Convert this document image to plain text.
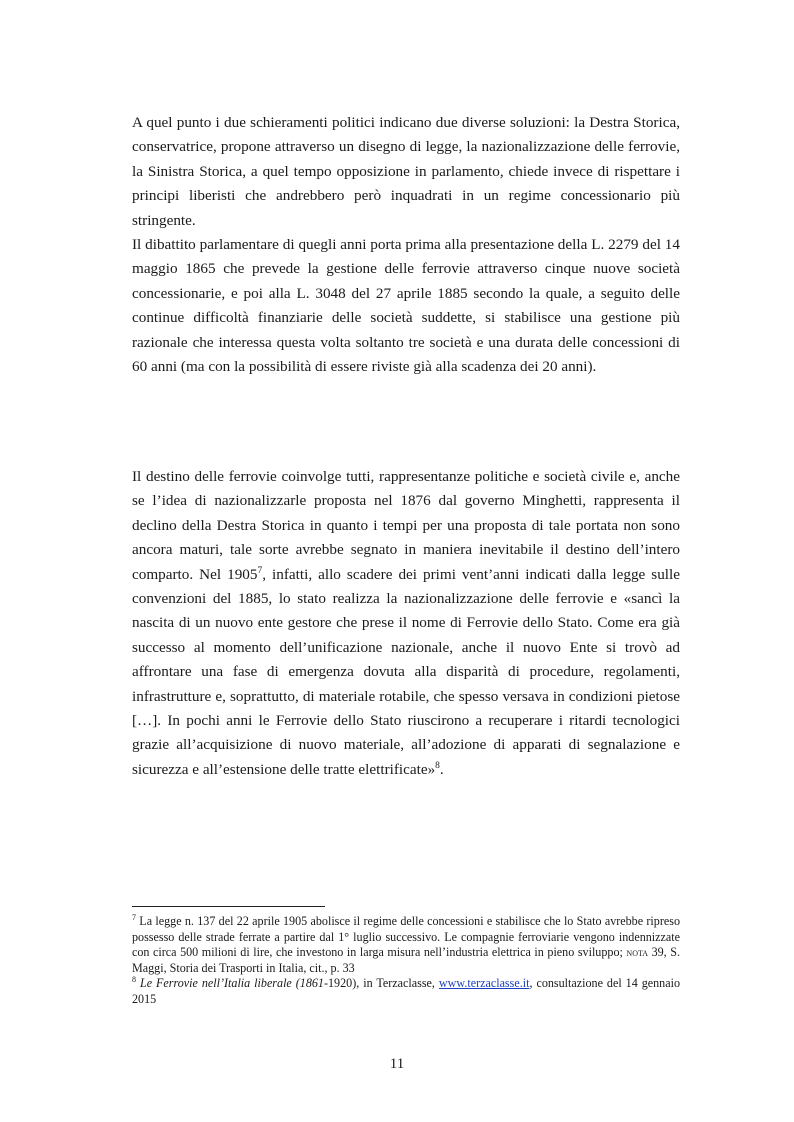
A quel punto i due schieramenti politici indicano due diverse soluzioni: la Destra Storica, conservatrice, propone attraverso un disegno di legge, la nazionalizzazione delle ferrovie, la Sinistra Storica, a quel tempo opposizione in parlamento, chiede invece di rispettare i principi liberisti che andrebbero però inquadrati in un regime concessionario più stringente.

Il dibattito parlamentare di quegli anni porta prima alla presentazione della L. 2279 del 14 maggio 1865 che prevede la gestione delle ferrovie attraverso cinque nuove società concessionarie, e poi alla L. 3048 del 27 aprile 1885 secondo la quale, a seguito delle continue difficoltà finanziarie delle società suddette, si stabilisce una gestione più razionale che interessa questa volta soltanto tre società e una durata delle concessioni di 60 anni (ma con la possibilità di essere riviste già alla scadenza dei 20 anni).

Il destino delle ferrovie coinvolge tutti, rappresentanze politiche e società civile e, anche se l’idea di nazionalizzarle proposta nel 1876 dal governo Minghetti, rappresenta il declino della Destra Storica in quanto i tempi per una proposta di tale portata non sono ancora maturi, tale sorte avrebbe segnato in maniera inevitabile il destino dell’intero comparto. Nel 1905$^7$, infatti, allo scadere dei primi vent’anni indicati dalla legge sulle convenzioni del 1885, lo stato realizza la nazionalizzazione delle ferrovie e «sancì la nascita di un nuovo ente gestore che prese il nome di Ferrovie dello Stato. Come era già successo al momento dell’unificazione nazionale, anche il nuovo Ente si trovò ad affrontare una fase di emergenza dovuta alla disparità di procedure, regolamenti, infrastrutture e, soprattutto, di materiale rotabile, che spesso versava in condizioni pietose […]. In pochi anni le Ferrovie dello Stato riuscirono a recuperare i ritardi tecnologici grazie all’acquisizione di nuovo materiale, all’adozione di apparati di segnalazione e sicurezza e all’estensione delle tratte elettrificate»$^8$.

$^7$ La legge n. 137 del 22 aprile 1905 abolisce il regime delle concessioni e stabilisce che lo Stato avrebbe ripreso possesso delle strade ferrate a partire dal 1° luglio successivo. Le compagnie ferroviarie vengono indennizzate con circa 500 milioni di lire, che investono in larga misura nell’industria elettrica in pieno sviluppo; nota 39, S. Maggi, Storia dei Trasporti in Italia, cit., p. 33

$^8$ Le Ferrovie nell’Italia liberale (1861-1920), in Terzaclasse, www.terzaclasse.it, consultazione del 14 gennaio 2015

11
